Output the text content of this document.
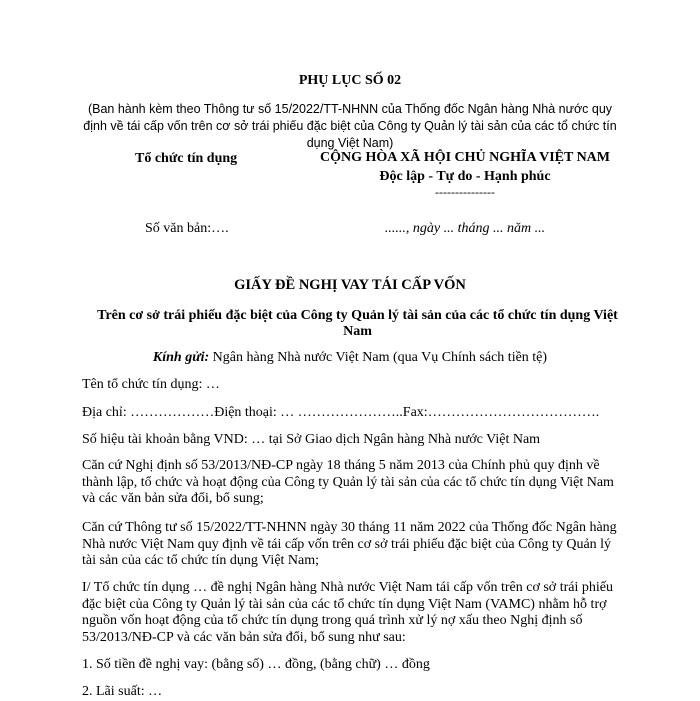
PHỤ LỤC SỐ 02
(Ban hành kèm theo Thông tư số 15/2022/TT-NHNN của Thống đốc Ngân hàng Nhà nước quy định về tái cấp vốn trên cơ sở trái phiếu đặc biệt của Công ty Quản lý tài sản của các tổ chức tín dụng Việt Nam)
Tổ chức tín dụng	CỘNG HÒA XÃ HỘI CHỦ NGHĨA VIỆT NAM
Độc lập - Tự do - Hạnh phúc
---------------
Số văn bản:….	......, ngày ... tháng ... năm ...
GIẤY ĐỀ NGHỊ VAY TÁI CẤP VỐN
Trên cơ sở trái phiếu đặc biệt của Công ty Quản lý tài sản của các tổ chức tín dụng Việt Nam
Kính gửi: Ngân hàng Nhà nước Việt Nam (qua Vụ Chính sách tiền tệ)
Tên tổ chức tín dụng: …
Địa chỉ: ………………Điện thoại: … …………………..Fax:……………………………….
Số hiệu tài khoản bằng VND: … tại Sở Giao dịch Ngân hàng Nhà nước Việt Nam
Căn cứ Nghị định số 53/2013/NĐ-CP ngày 18 tháng 5 năm 2013 của Chính phủ quy định về thành lập, tổ chức và hoạt động của Công ty Quản lý tài sản của các tổ chức tín dụng Việt Nam và các văn bản sửa đổi, bổ sung;
Căn cứ Thông tư số 15/2022/TT-NHNN ngày 30 tháng 11 năm 2022 của Thống đốc Ngân hàng Nhà nước Việt Nam quy định về tái cấp vốn trên cơ sở trái phiếu đặc biệt của Công ty Quản lý tài sản của các tổ chức tín dụng Việt Nam;
I/ Tổ chức tín dụng … đề nghị Ngân hàng Nhà nước Việt Nam tái cấp vốn trên cơ sở trái phiếu đặc biệt của Công ty Quản lý tài sản của các tổ chức tín dụng Việt Nam (VAMC) nhằm hỗ trợ nguồn vốn hoạt động của tổ chức tín dụng trong quá trình xử lý nợ xấu theo Nghị định số 53/2013/NĐ-CP và các văn bản sửa đổi, bổ sung như sau:
1. Số tiền đề nghị vay: (bằng số) … đồng, (bằng chữ) … đồng
2. Lãi suất: …
